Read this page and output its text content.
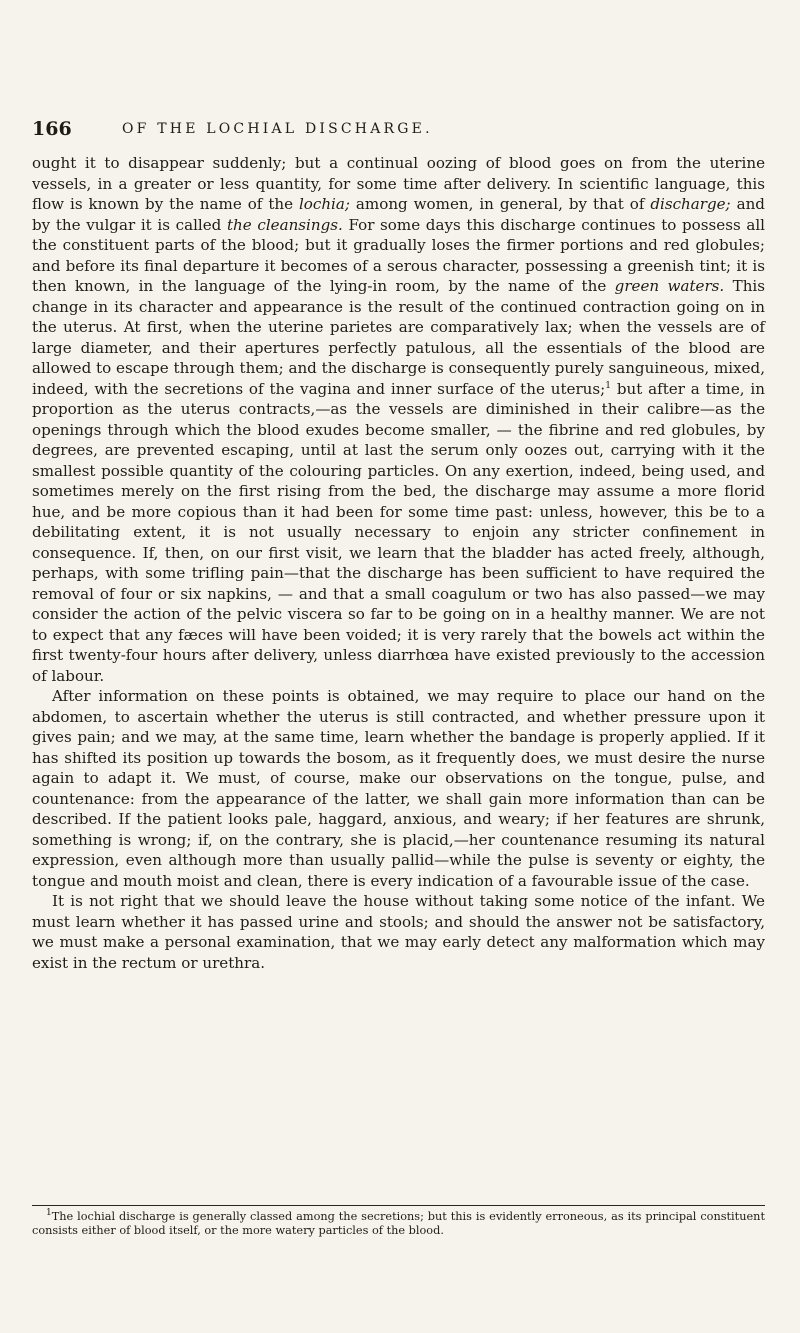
166	OF THE LOCHIAL DISCHARGE.

ought it to disappear suddenly; but a continual oozing of blood goes on from the uterine vessels, in a greater or less quantity, for some time after delivery. In scientific language, this flow is known by the name of the lochia; among women, in general, by that of discharge; and by the vulgar it is called the cleansings. For some days this discharge continues to possess all the constituent parts of the blood; but it gradually loses the firmer portions and red globules; and before its final departure it becomes of a serous character, possessing a greenish tint; it is then known, in the language of the lying-in room, by the name of the green waters. This change in its character and appearance is the result of the continued contraction going on in the uterus. At first, when the uterine parietes are comparatively lax; when the vessels are of large diameter, and their apertures perfectly patulous, all the essentials of the blood are allowed to escape through them; and the discharge is consequently purely sanguineous, mixed, indeed, with the secretions of the vagina and inner surface of the uterus;$^1$ but after a time, in proportion as the uterus contracts,—as the vessels are diminished in their calibre—as the openings through which the blood exudes become smaller, — the fibrine and red globules, by degrees, are prevented escaping, until at last the serum only oozes out, carrying with it the smallest possible quantity of the colouring particles. On any exertion, indeed, being used, and sometimes merely on the first rising from the bed, the discharge may assume a more florid hue, and be more copious than it had been for some time past: unless, however, this be to a debilitating extent, it is not usually necessary to enjoin any stricter confinement in consequence. If, then, on our first visit, we learn that the bladder has acted freely, although, perhaps, with some trifling pain—that the discharge has been sufficient to have required the removal of four or six napkins, — and that a small coagulum or two has also passed—we may consider the action of the pelvic viscera so far to be going on in a healthy manner. We are not to expect that any fæces will have been voided; it is very rarely that the bowels act within the first twenty-four hours after delivery, unless diarrhœa have existed previously to the accession of labour.

After information on these points is obtained, we may require to place our hand on the abdomen, to ascertain whether the uterus is still contracted, and whether pressure upon it gives pain; and we may, at the same time, learn whether the bandage is properly applied. If it has shifted its position up towards the bosom, as it frequently does, we must desire the nurse again to adapt it. We must, of course, make our observations on the tongue, pulse, and countenance: from the appearance of the latter, we shall gain more information than can be described. If the patient looks pale, haggard, anxious, and weary; if her features are shrunk, something is wrong; if, on the contrary, she is placid,—her countenance resuming its natural expression, even although more than usually pallid—while the pulse is seventy or eighty, the tongue and mouth moist and clean, there is every indication of a favourable issue of the case.

It is not right that we should leave the house without taking some notice of the infant. We must learn whether it has passed urine and stools; and should the answer not be satisfactory, we must make a personal examination, that we may early detect any malformation which may exist in the rectum or urethra.

$^1$The lochial discharge is generally classed among the secretions; but this is evidently erroneous, as its principal constituent consists either of blood itself, or the more watery particles of the blood.
